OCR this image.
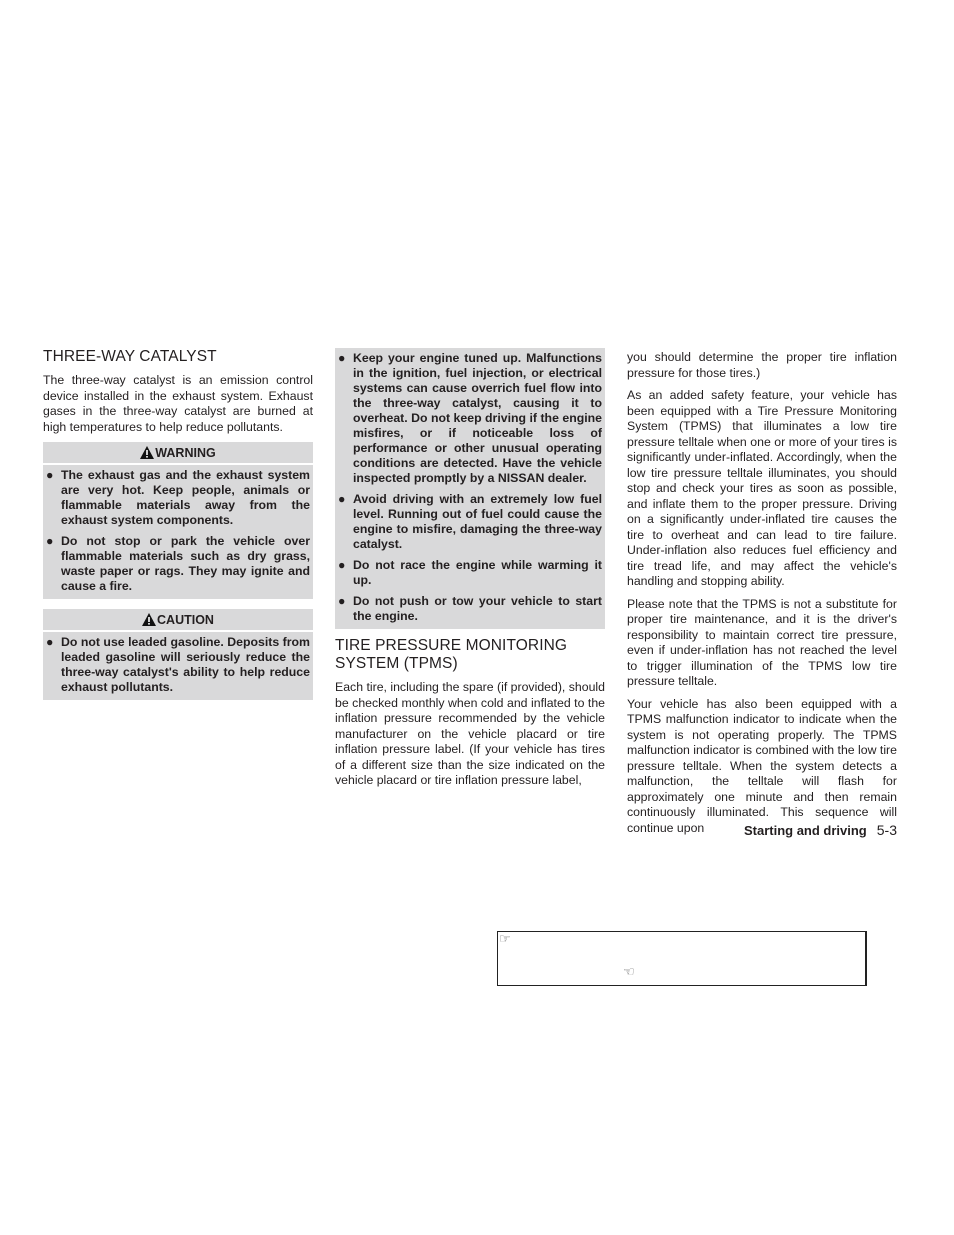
THREE-WAY CATALYST

The three-way catalyst is an emission control device installed in the exhaust system. Exhaust gases in the three-way catalyst are burned at high temperatures to help reduce pollutants.

WARNING
● The exhaust gas and the exhaust system are very hot. Keep people, animals or flammable materials away from the exhaust system components.
● Do not stop or park the vehicle over flammable materials such as dry grass, waste paper or rags. They may ignite and cause a fire.
CAUTION
● Do not use leaded gasoline. Deposits from leaded gasoline will seriously reduce the three-way catalyst's ability to help reduce exhaust pollutants.
● Keep your engine tuned up. Malfunctions in the ignition, fuel injection, or electrical systems can cause overrich fuel flow into the three-way catalyst, causing it to overheat. Do not keep driving if the engine misfires, or if noticeable loss of performance or other unusual operating conditions are detected. Have the vehicle inspected promptly by a NISSAN dealer.
● Avoid driving with an extremely low fuel level. Running out of fuel could cause the engine to misfire, damaging the three-way catalyst.
● Do not race the engine while warming it up.
● Do not push or tow your vehicle to start the engine.
TIRE PRESSURE MONITORING SYSTEM (TPMS)

Each tire, including the spare (if provided), should be checked monthly when cold and inflated to the inflation pressure recommended by the vehicle manufacturer on the vehicle placard or tire inflation pressure label. (If your vehicle has tires of a different size than the size indicated on the vehicle placard or tire inflation pressure label,

you should determine the proper tire inflation pressure for those tires.)

As an added safety feature, your vehicle has been equipped with a Tire Pressure Monitoring System (TPMS) that illuminates a low tire pressure telltale when one or more of your tires is significantly under-inflated. Accordingly, when the low tire pressure telltale illuminates, you should stop and check your tires as soon as possible, and inflate them to the proper pressure. Driving on a significantly under-inflated tire causes the tire to overheat and can lead to tire failure. Under-inflation also reduces fuel efficiency and tire tread life, and may affect the vehicle's handling and stopping ability.

Please note that the TPMS is not a substitute for proper tire maintenance, and it is the driver's responsibility to maintain correct tire pressure, even if under-inflation has not reached the level to trigger illumination of the TPMS low tire pressure telltale.

Your vehicle has also been equipped with a TPMS malfunction indicator to indicate when the system is not operating properly. The TPMS malfunction indicator is combined with the low tire pressure telltale. When the system detects a malfunction, the telltale will flash for approximately one minute and then remain continuously illuminated. This sequence will continue upon	Starting and driving 5-3
☞
☜
